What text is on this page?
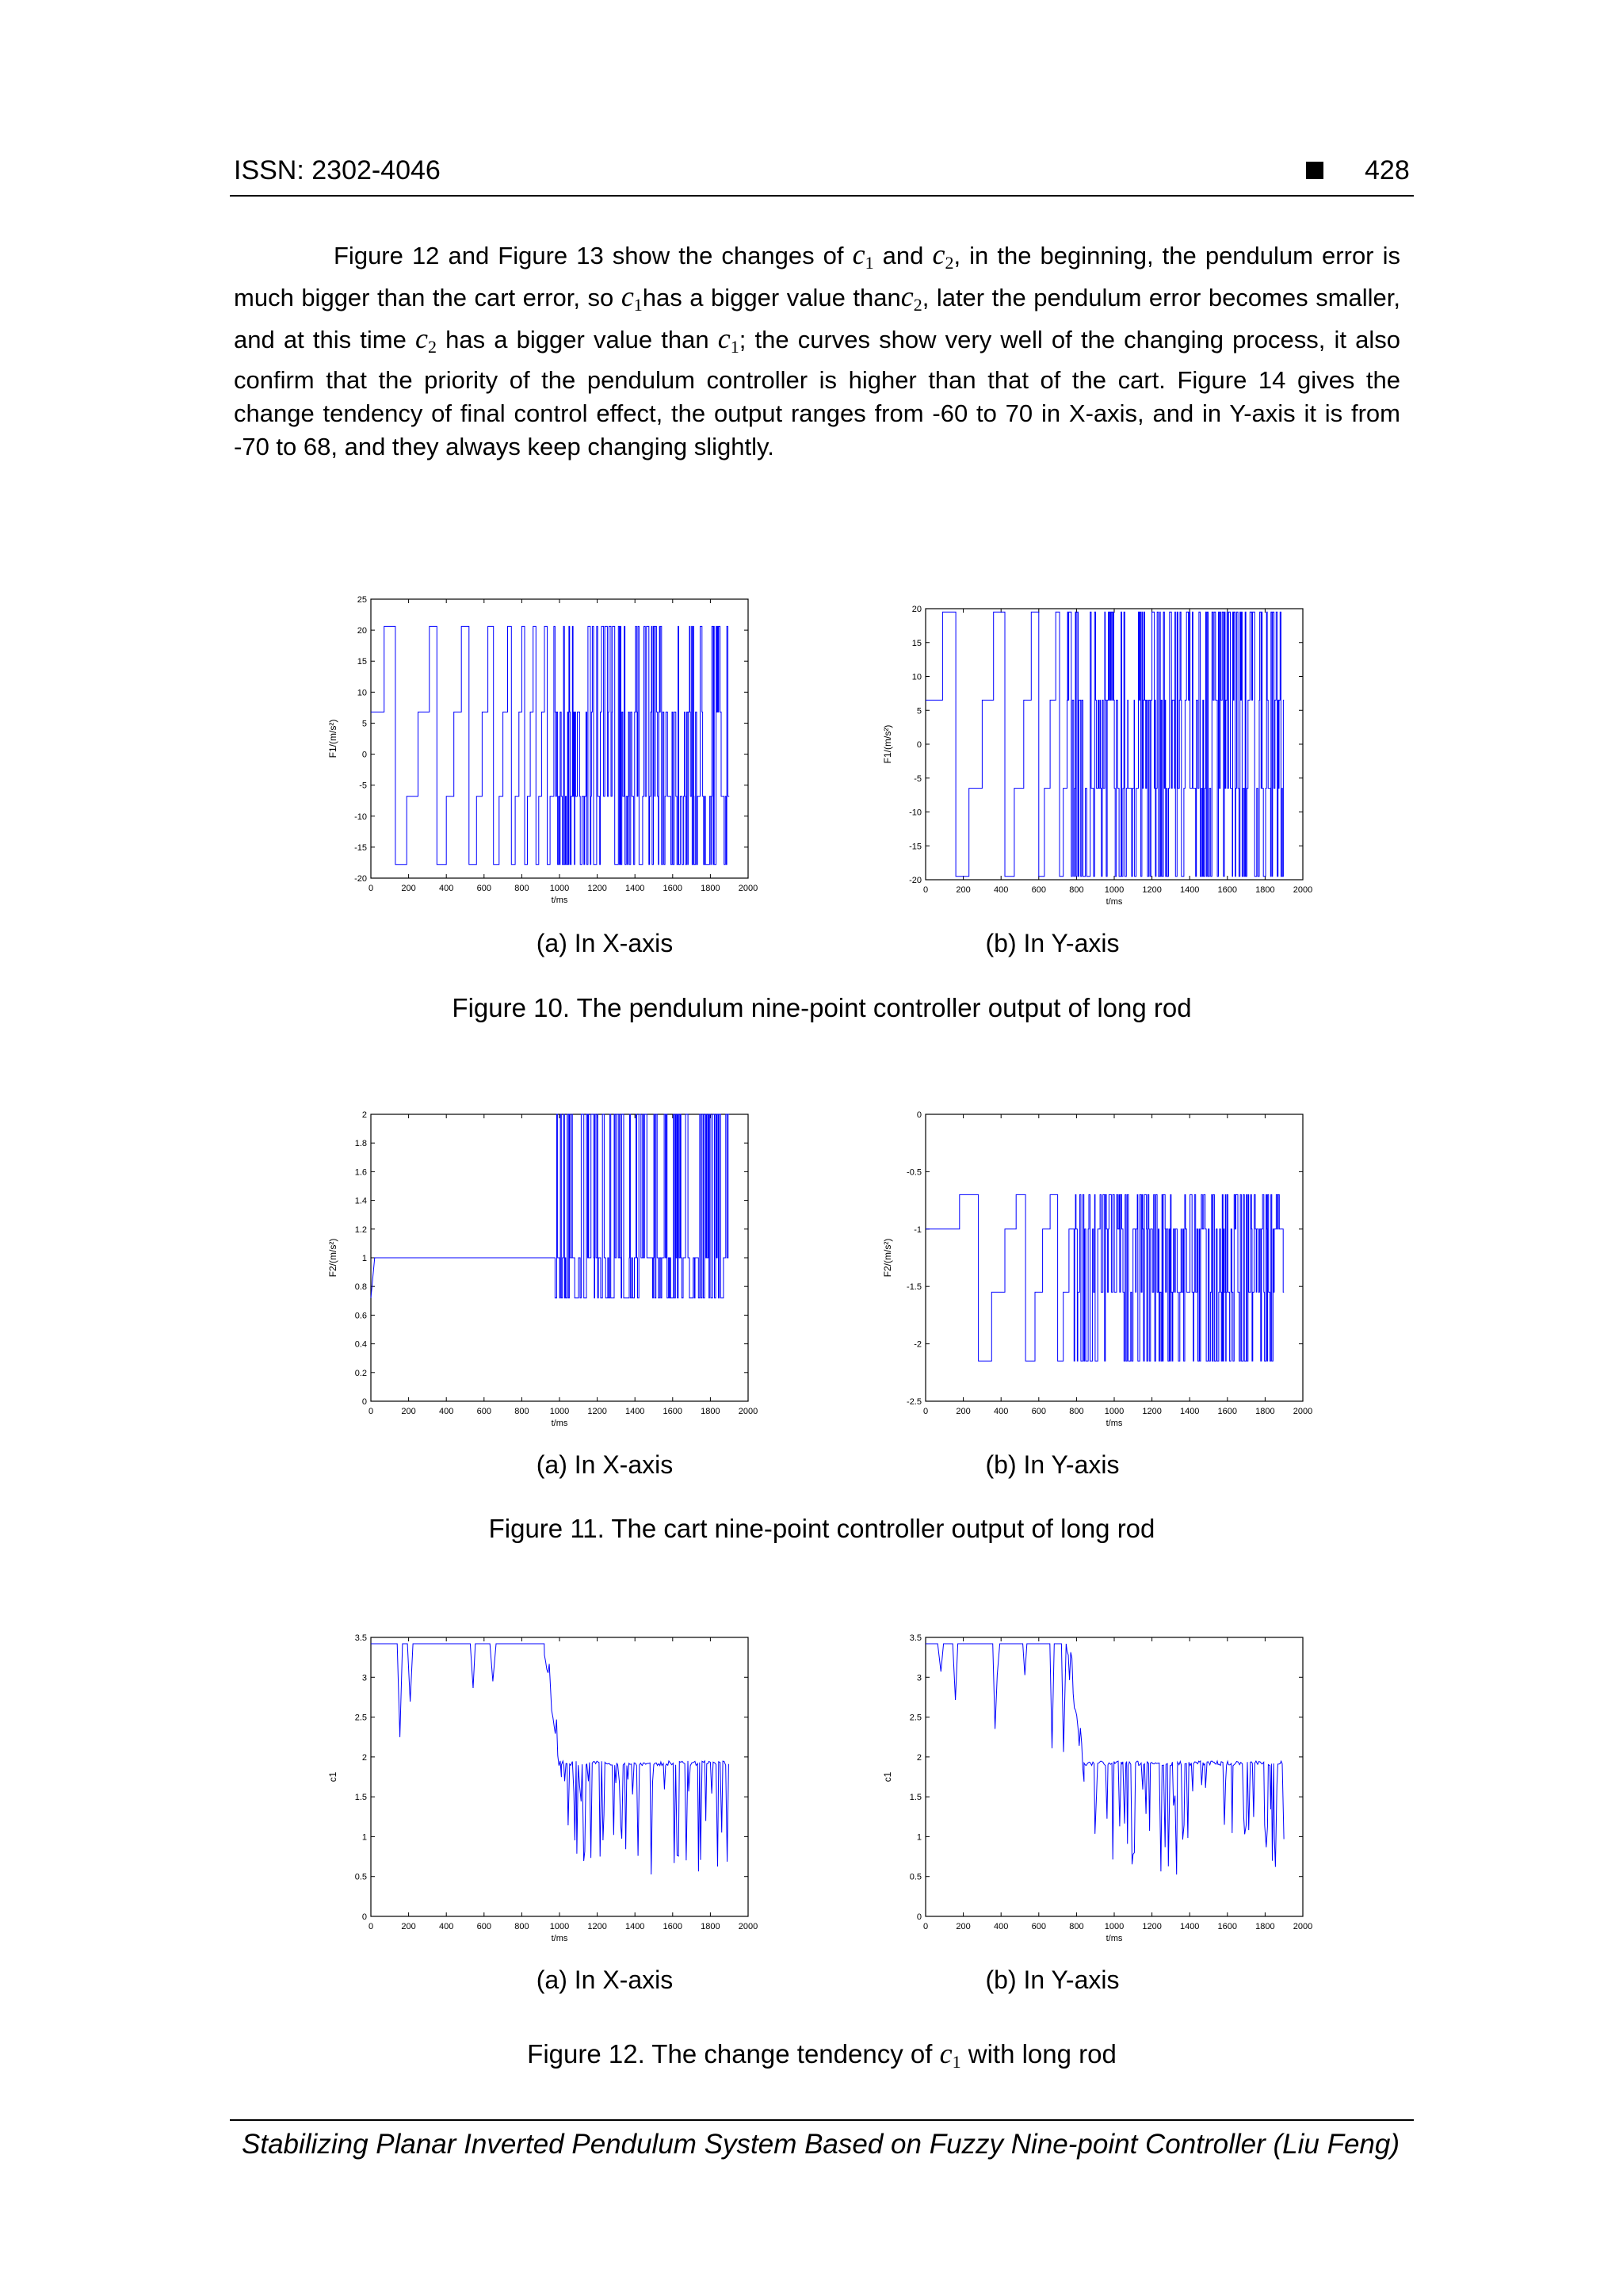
ISSN: 2302-4046	428

Figure 12 and Figure 13 show the changes of $c_1$ and $c_2$, in the beginning, the pendulum error is much bigger than the cart error, so $c_1has$ a bigger value thanc$_2$, later the pendulum error becomes smaller, and at this time $c_2$ has a bigger value than $c_1$; the curves show very well of the changing process, it also confirm that the priority of the pendulum controller is higher than that of the cart. Figure 14 gives the change tendency of final control effect, the output ranges from -60 to 70 in X-axis, and in Y-axis it is from -70 to 68, and they always keep changing slightly.

0	200	400	600	800 1000 1200 1400 1600 1800 2000
-20
-15
-10
-5
0
5
10
15
20
25
t/ms
F1/(m/s²)
0	200	400	600	800 1000 1200 1400 1600 1800 2000
-20
-15
-10
-5
0
5
10
15
20
t/ms
F1/(m/s²)
(a) In X-axis	(b) In Y-axis
Figure 10. The pendulum nine-point controller output of long rod
0	200	400	600	800 1000 1200 1400 1600 1800 2000
0
0.2
0.4
0.6
0.8
1
1.2
1.4
1.6
1.8
2
t/ms
F2/(m/s²)
0	200	400	600	800 1000 1200 1400 1600 1800 2000
-2.5
-2
-1.5
-1
-0.5
0
t/ms
F2/(m/s²)
(a) In X-axis	(b) In Y-axis
Figure 11. The cart nine-point controller output of long rod
0	200	400	600	800 1000 1200 1400 1600 1800 2000
0
0.5
1
1.5
2
2.5
3
3.5
t/ms
c1
0	200	400	600	800 1000 1200 1400 1600 1800 2000
0
0.5
1
1.5
2
2.5
3
3.5
t/ms
c1
(a) In X-axis	(b) In Y-axis
Figure 12. The change tendency of $c_1$ with long rod
Stabilizing Planar Inverted Pendulum System Based on Fuzzy Nine-point Controller (Liu Feng)
